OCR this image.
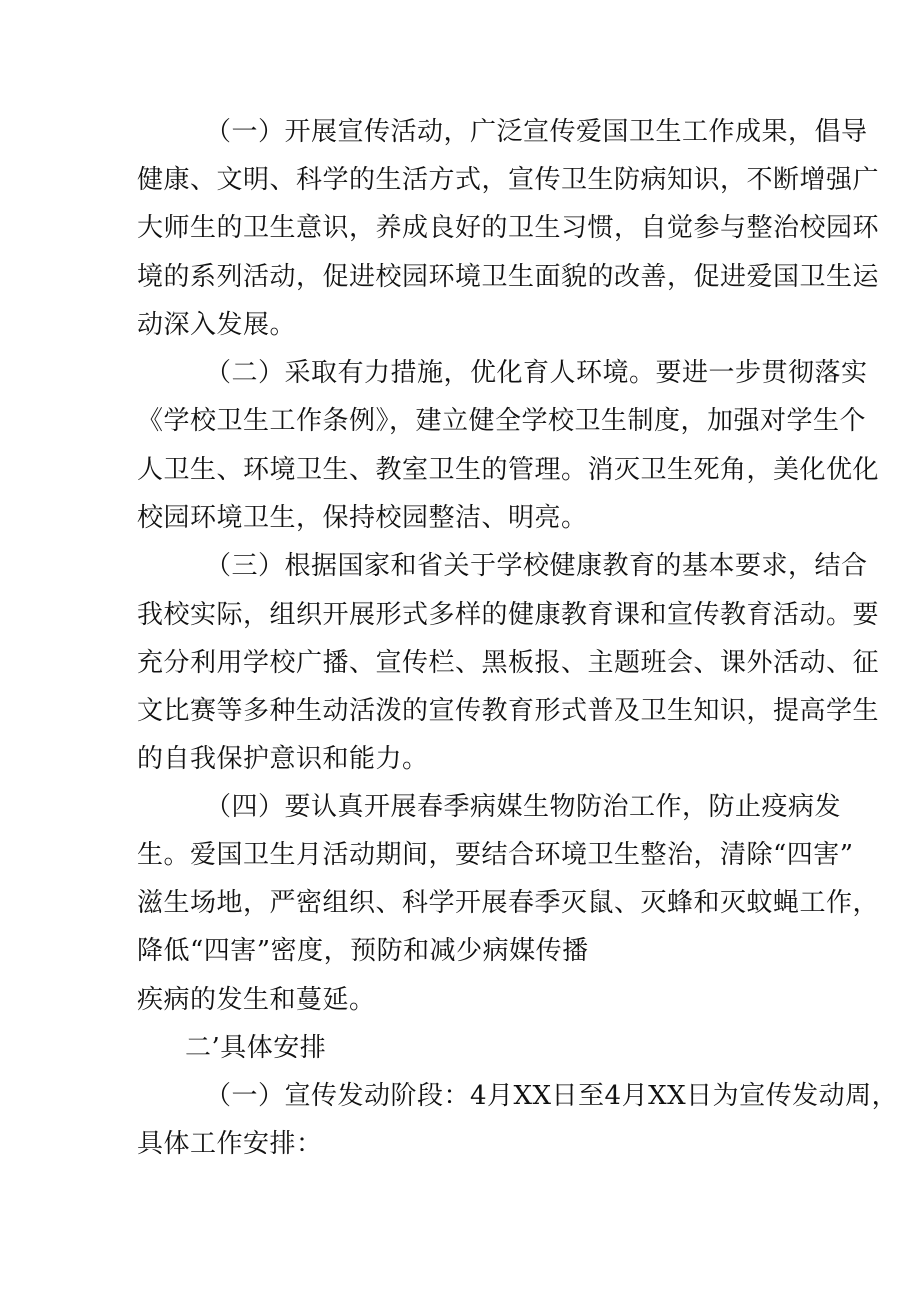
（一）开展宣传活动，广泛宣传爱国卫生工作成果，倡导
健康、文明、科学的生活方式，宣传卫生防病知识，不断增强广
大师生的卫生意识，养成良好的卫生习惯，自觉参与整治校园环
境的系列活动，促进校园环境卫生面貌的改善，促进爱国卫生运
动深入发展。
（二）采取有力措施，优化育人环境。要进一步贯彻落实
《学校卫生工作条例》，建立健全学校卫生制度，加强对学生个
人卫生、环境卫生、教室卫生的管理。消灭卫生死角，美化优化
校园环境卫生，保持校园整洁、明亮。
（三）根据国家和省关于学校健康教育的基本要求，结合
我校实际，组织开展形式多样的健康教育课和宣传教育活动。要
充分利用学校广播、宣传栏、黑板报、主题班会、课外活动、征
文比赛等多种生动活泼的宣传教育形式普及卫生知识，提高学生
的自我保护意识和能力。
（四）要认真开展春季病媒生物防治工作，防止疫病发
生。爱国卫生月活动期间，要结合环境卫生整治，清除“四害”
滋生场地，严密组织、科学开展春季灭鼠、灭蜂和灭蚊蝇工作，
降低“四害”密度，预防和减少病媒传播
疾病的发生和蔓延。
二’具体安排
（一）宣传发动阶段：4月XX日至4月XX日为宣传发动周，
具体工作安排：
